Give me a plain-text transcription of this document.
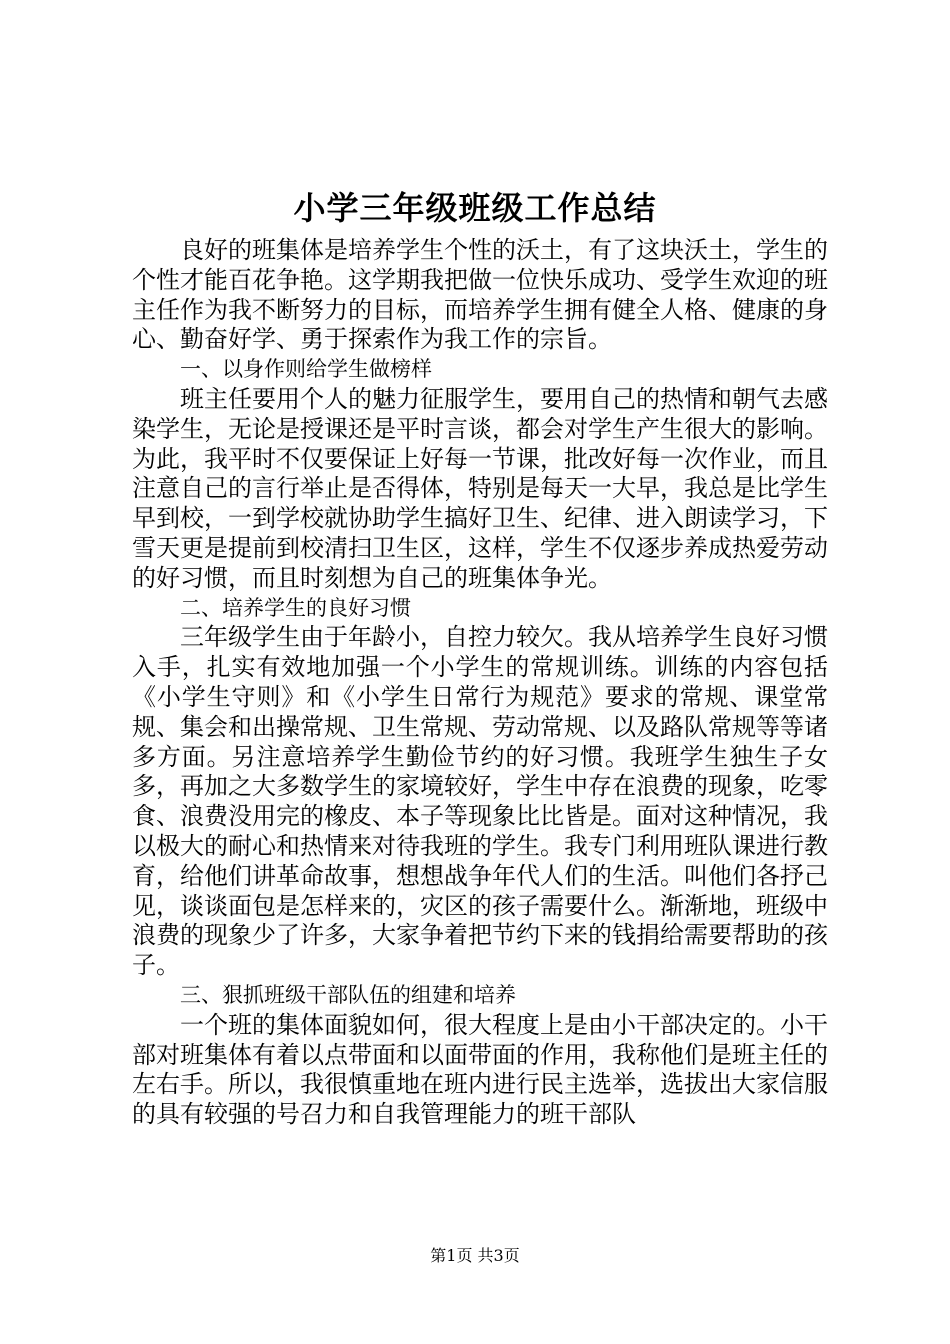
小学三年级班级工作总结

良好的班集体是培养学生个性的沃土，有了这块沃土，学生的个性才能百花争艳。这学期我把做一位快乐成功、受学生欢迎的班主任作为我不断努力的目标，而培养学生拥有健全人格、健康的身心、勤奋好学、勇于探索作为我工作的宗旨。

一、以身作则给学生做榜样

班主任要用个人的魅力征服学生，要用自己的热情和朝气去感染学生，无论是授课还是平时言谈，都会对学生产生很大的影响。为此，我平时不仅要保证上好每一节课，批改好每一次作业，而且注意自己的言行举止是否得体，特别是每天一大早，我总是比学生早到校，一到学校就协助学生搞好卫生、纪律、进入朗读学习，下雪天更是提前到校清扫卫生区，这样，学生不仅逐步养成热爱劳动的好习惯，而且时刻想为自己的班集体争光。

二、培养学生的良好习惯

三年级学生由于年龄小，自控力较欠。我从培养学生良好习惯入手，扎实有效地加强一个小学生的常规训练。训练的内容包括《小学生守则》和《小学生日常行为规范》要求的常规、课堂常规、集会和出操常规、卫生常规、劳动常规、以及路队常规等等诸多方面。另注意培养学生勤俭节约的好习惯。我班学生独生子女多，再加之大多数学生的家境较好，学生中存在浪费的现象，吃零食、浪费没用完的橡皮、本子等现象比比皆是。面对这种情况，我以极大的耐心和热情来对待我班的学生。我专门利用班队课进行教育，给他们讲革命故事，想想战争年代人们的生活。叫他们各抒己见，谈谈面包是怎样来的，灾区的孩子需要什么。渐渐地，班级中浪费的现象少了许多，大家争着把节约下来的钱捐给需要帮助的孩子。

三、狠抓班级干部队伍的组建和培养

一个班的集体面貌如何，很大程度上是由小干部决定的。小干部对班集体有着以点带面和以面带面的作用，我称他们是班主任的左右手。所以，我很慎重地在班内进行民主选举，选拔出大家信服的具有较强的号召力和自我管理能力的班干部队

第1页 共3页
